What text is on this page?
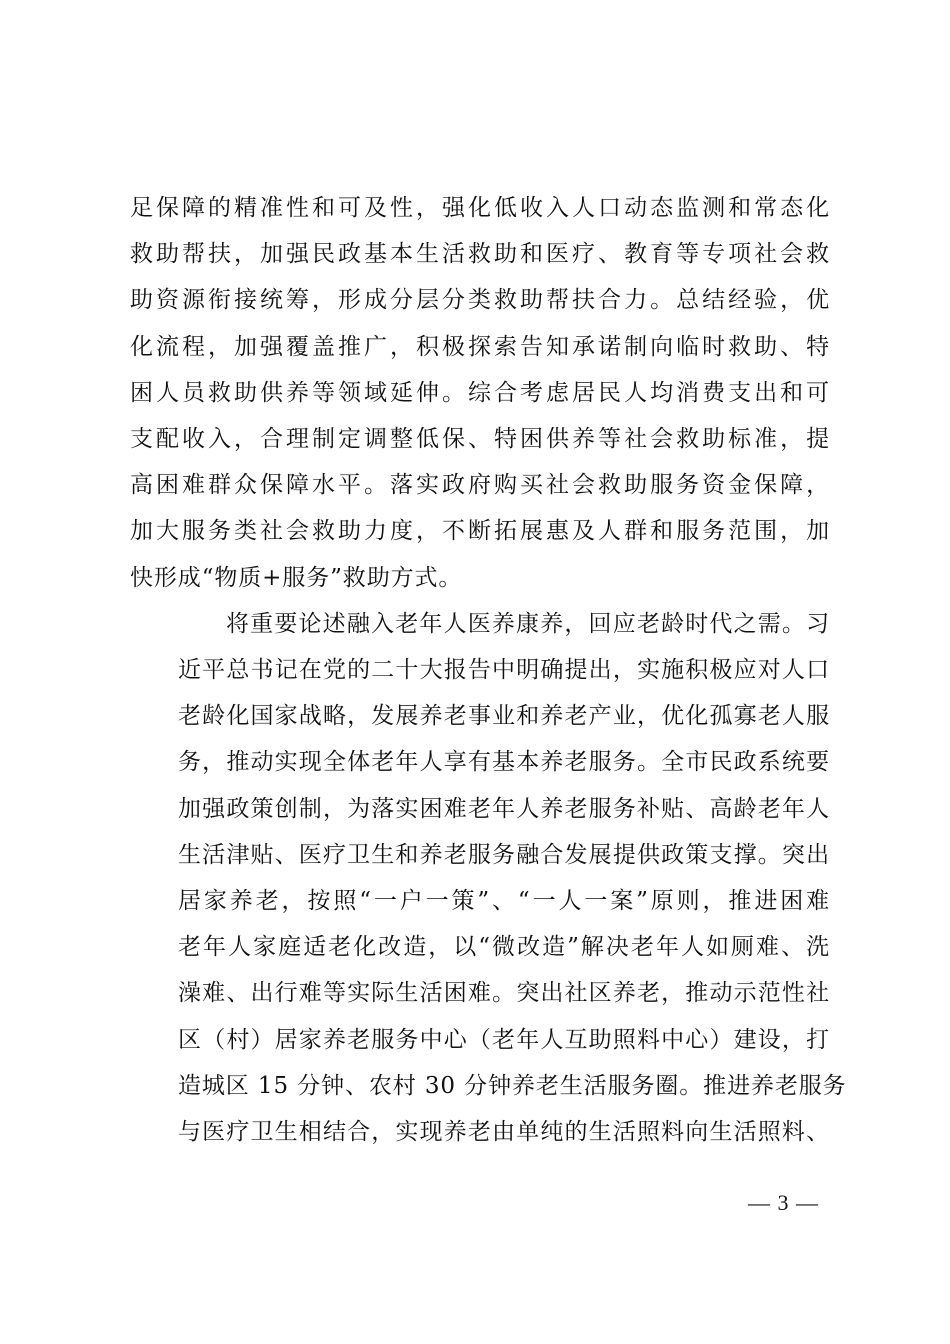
足保障的精准性和可及性，强化低收入人口动态监测和常态化
救助帮扶，加强民政基本生活救助和医疗、教育等专项社会救
助资源衔接统筹，形成分层分类救助帮扶合力。总结经验，优
化流程，加强覆盖推广，积极探索告知承诺制向临时救助、特
困人员救助供养等领域延伸。综合考虑居民人均消费支出和可
支配收入，合理制定调整低保、特困供养等社会救助标准，提
高困难群众保障水平。落实政府购买社会救助服务资金保障，
加大服务类社会救助力度，不断拓展惠及人群和服务范围，加
快形成“物质+服务”救助方式。
将重要论述融入老年人医养康养，回应老龄时代之需。习
近平总书记在党的二十大报告中明确提出，实施积极应对人口
老龄化国家战略，发展养老事业和养老产业，优化孤寡老人服
务，推动实现全体老年人享有基本养老服务。全市民政系统要
加强政策创制，为落实困难老年人养老服务补贴、高龄老年人
生活津贴、医疗卫生和养老服务融合发展提供政策支撑。突出
居家养老，按照“一户一策”、“一人一案”原则，推进困难
老年人家庭适老化改造，以“微改造”解决老年人如厕难、洗
澡难、出行难等实际生活困难。突出社区养老，推动示范性社
区（村）居家养老服务中心（老年人互助照料中心）建设，打
造城区 15 分钟、农村 30 分钟养老生活服务圈。推进养老服务
与医疗卫生相结合，实现养老由单纯的生活照料向生活照料、
— 3 —
